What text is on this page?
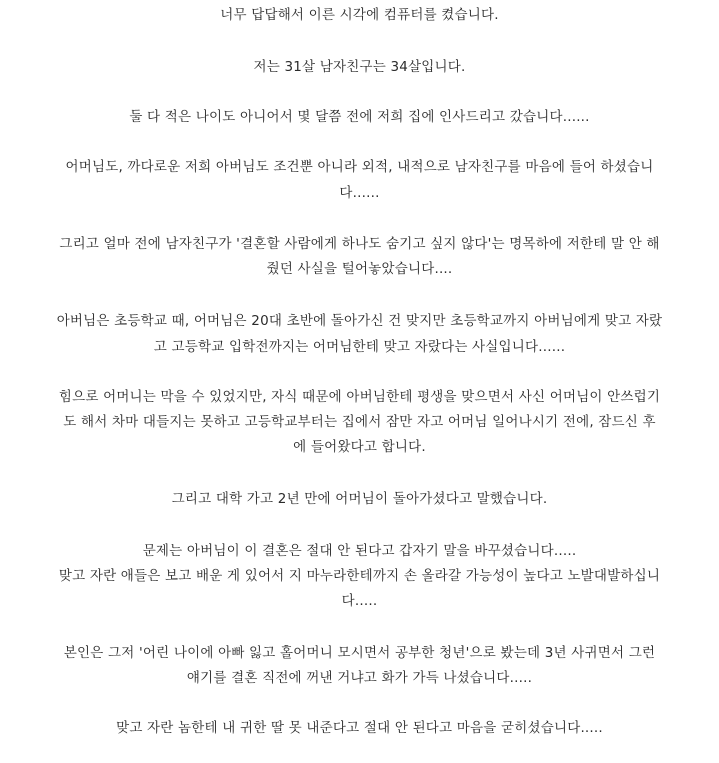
너무 답답해서 이른 시각에 컴퓨터를 켰습니다.
저는 31살 남자친구는 34살입니다.
둘 다 적은 나이도 아니어서 몇 달쯤 전에 저희 집에 인사드리고 갔습니다......
어머님도, 까다로운 저희 아버님도 조건뿐 아니라 외적, 내적으로 남자친구를 마음에 들어 하셨습니
다......
그리고 얼마 전에 남자친구가 '결혼할 사람에게 하나도 숨기고 싶지 않다'는 명목하에 저한테 말 안 해
줬던 사실을 털어놓았습니다....
아버님은 초등학교 때, 어머님은 20대 초반에 돌아가신 건 맞지만 초등학교까지 아버님에게 맞고 자랐
고 고등학교 입학전까지는 어머님한테 맞고 자랐다는 사실입니다......
힘으로 어머니는 막을 수 있었지만, 자식 때문에 아버님한테 평생을 맞으면서 사신 어머님이 안쓰럽기
도 해서 차마 대들지는 못하고 고등학교부터는 집에서 잠만 자고 어머님 일어나시기 전에, 잠드신 후
에 들어왔다고 합니다.
그리고 대학 가고 2년 만에 어머님이 돌아가셨다고 말했습니다.
문제는 아버님이 이 결혼은 절대 안 된다고 갑자기 말을 바꾸셨습니다.....
맞고 자란 애들은 보고 배운 게 있어서 지 마누라한테까지 손 올라갈 가능성이 높다고 노발대발하십니
다.....
본인은 그저 '어린 나이에 아빠 잃고 홀어머니 모시면서 공부한 청년'으로 봤는데 3년 사귀면서 그런
얘기를 결혼 직전에 꺼낸 거냐고 화가 가득 나셨습니다.....
맞고 자란 놈한테 내 귀한 딸 못 내준다고 절대 안 된다고 마음을 굳히셨습니다.....
